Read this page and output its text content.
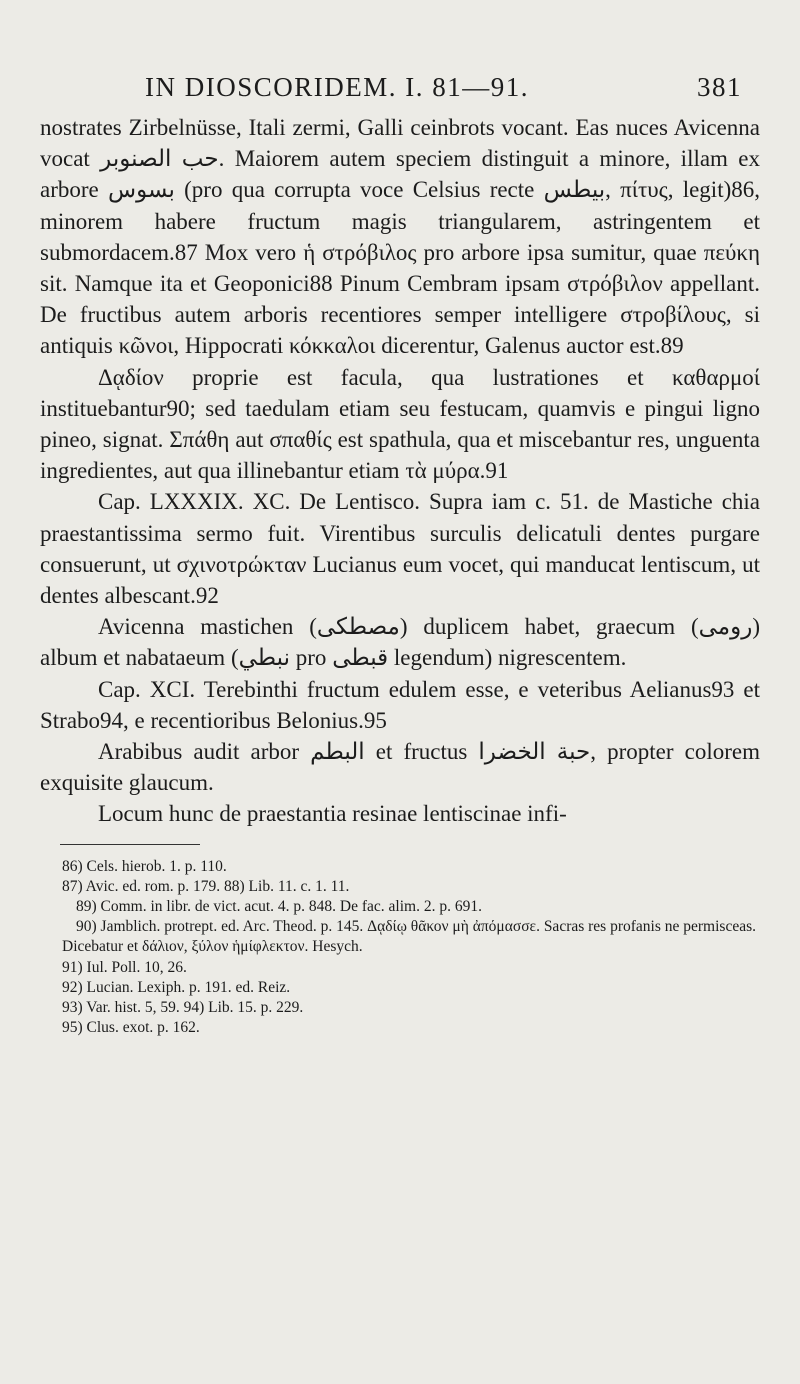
IN DIOSCORIDEM. I. 81—91.	381

nostrates Zirbelnüsse, Itali zermi, Galli ceinbrots vocant. Eas nuces Avicenna vocat حب الصنوبر. Maiorem autem speciem distinguit a minore, illam ex arbore بسوس (pro qua corrupta voce Celsius recte بيطس, πίτυς, legit)86, minorem habere fructum magis triangularem, astringentem et submordacem.87 Mox vero ἡ στρόβιλος pro arbore ipsa sumitur, quae πεύκη sit. Namque ita et Geoponici88 Pinum Cembram ipsam στρόβιλον appellant. De fructibus autem arboris recentiores semper intelligere στροβίλους, si antiquis κῶνοι, Hippocrati κόκκαλοι dicerentur, Galenus auctor est.89

Δᾳδίον proprie est facula, qua lustrationes et καθαρμοί instituebantur90; sed taedulam etiam seu festucam, quamvis e pingui ligno pineo, signat. Σπάθη aut σπαθίς est spathula, qua et miscebantur res, unguenta ingredientes, aut qua illinebantur etiam τὰ μύρα.91

Cap. LXXXIX. XC. De Lentisco. Supra iam c. 51. de Mastiche chia praestantissima sermo fuit. Virentibus surculis delicatuli dentes purgare consuerunt, ut σχινοτρώκταν Lucianus eum vocet, qui manducat lentiscum, ut dentes albescant.92

Avicenna mastichen (مصطكى) duplicem habet, graecum (رومى) album et nabataeum (نبطي pro قبطى legendum) nigrescentem.

Cap. XCI. Terebinthi fructum edulem esse, e veteribus Aelianus93 et Strabo94, e recentioribus Belonius.95

Arabibus audit arbor البطم et fructus حبة الخضرا, propter colorem exquisite glaucum.

Locum hunc de praestantia resinae lentiscinae infi-

86) Cels. hierob. 1. p. 110.
87) Avic. ed. rom. p. 179. 88) Lib. 11. c. 1. 11.
89) Comm. in libr. de vict. acut. 4. p. 848. De fac. alim. 2. p. 691.
90) Jamblich. protrept. ed. Arc. Theod. p. 145. Δᾳδίῳ θᾶκον μὴ ἀπόμασσε. Sacras res profanis ne permisceas. Dicebatur et δάλιον, ξύλον ἡμίφλεκτον. Hesych.
91) Iul. Poll. 10, 26.
92) Lucian. Lexiph. p. 191. ed. Reiz.
93) Var. hist. 5, 59. 94) Lib. 15. p. 229.
95) Clus. exot. p. 162.
